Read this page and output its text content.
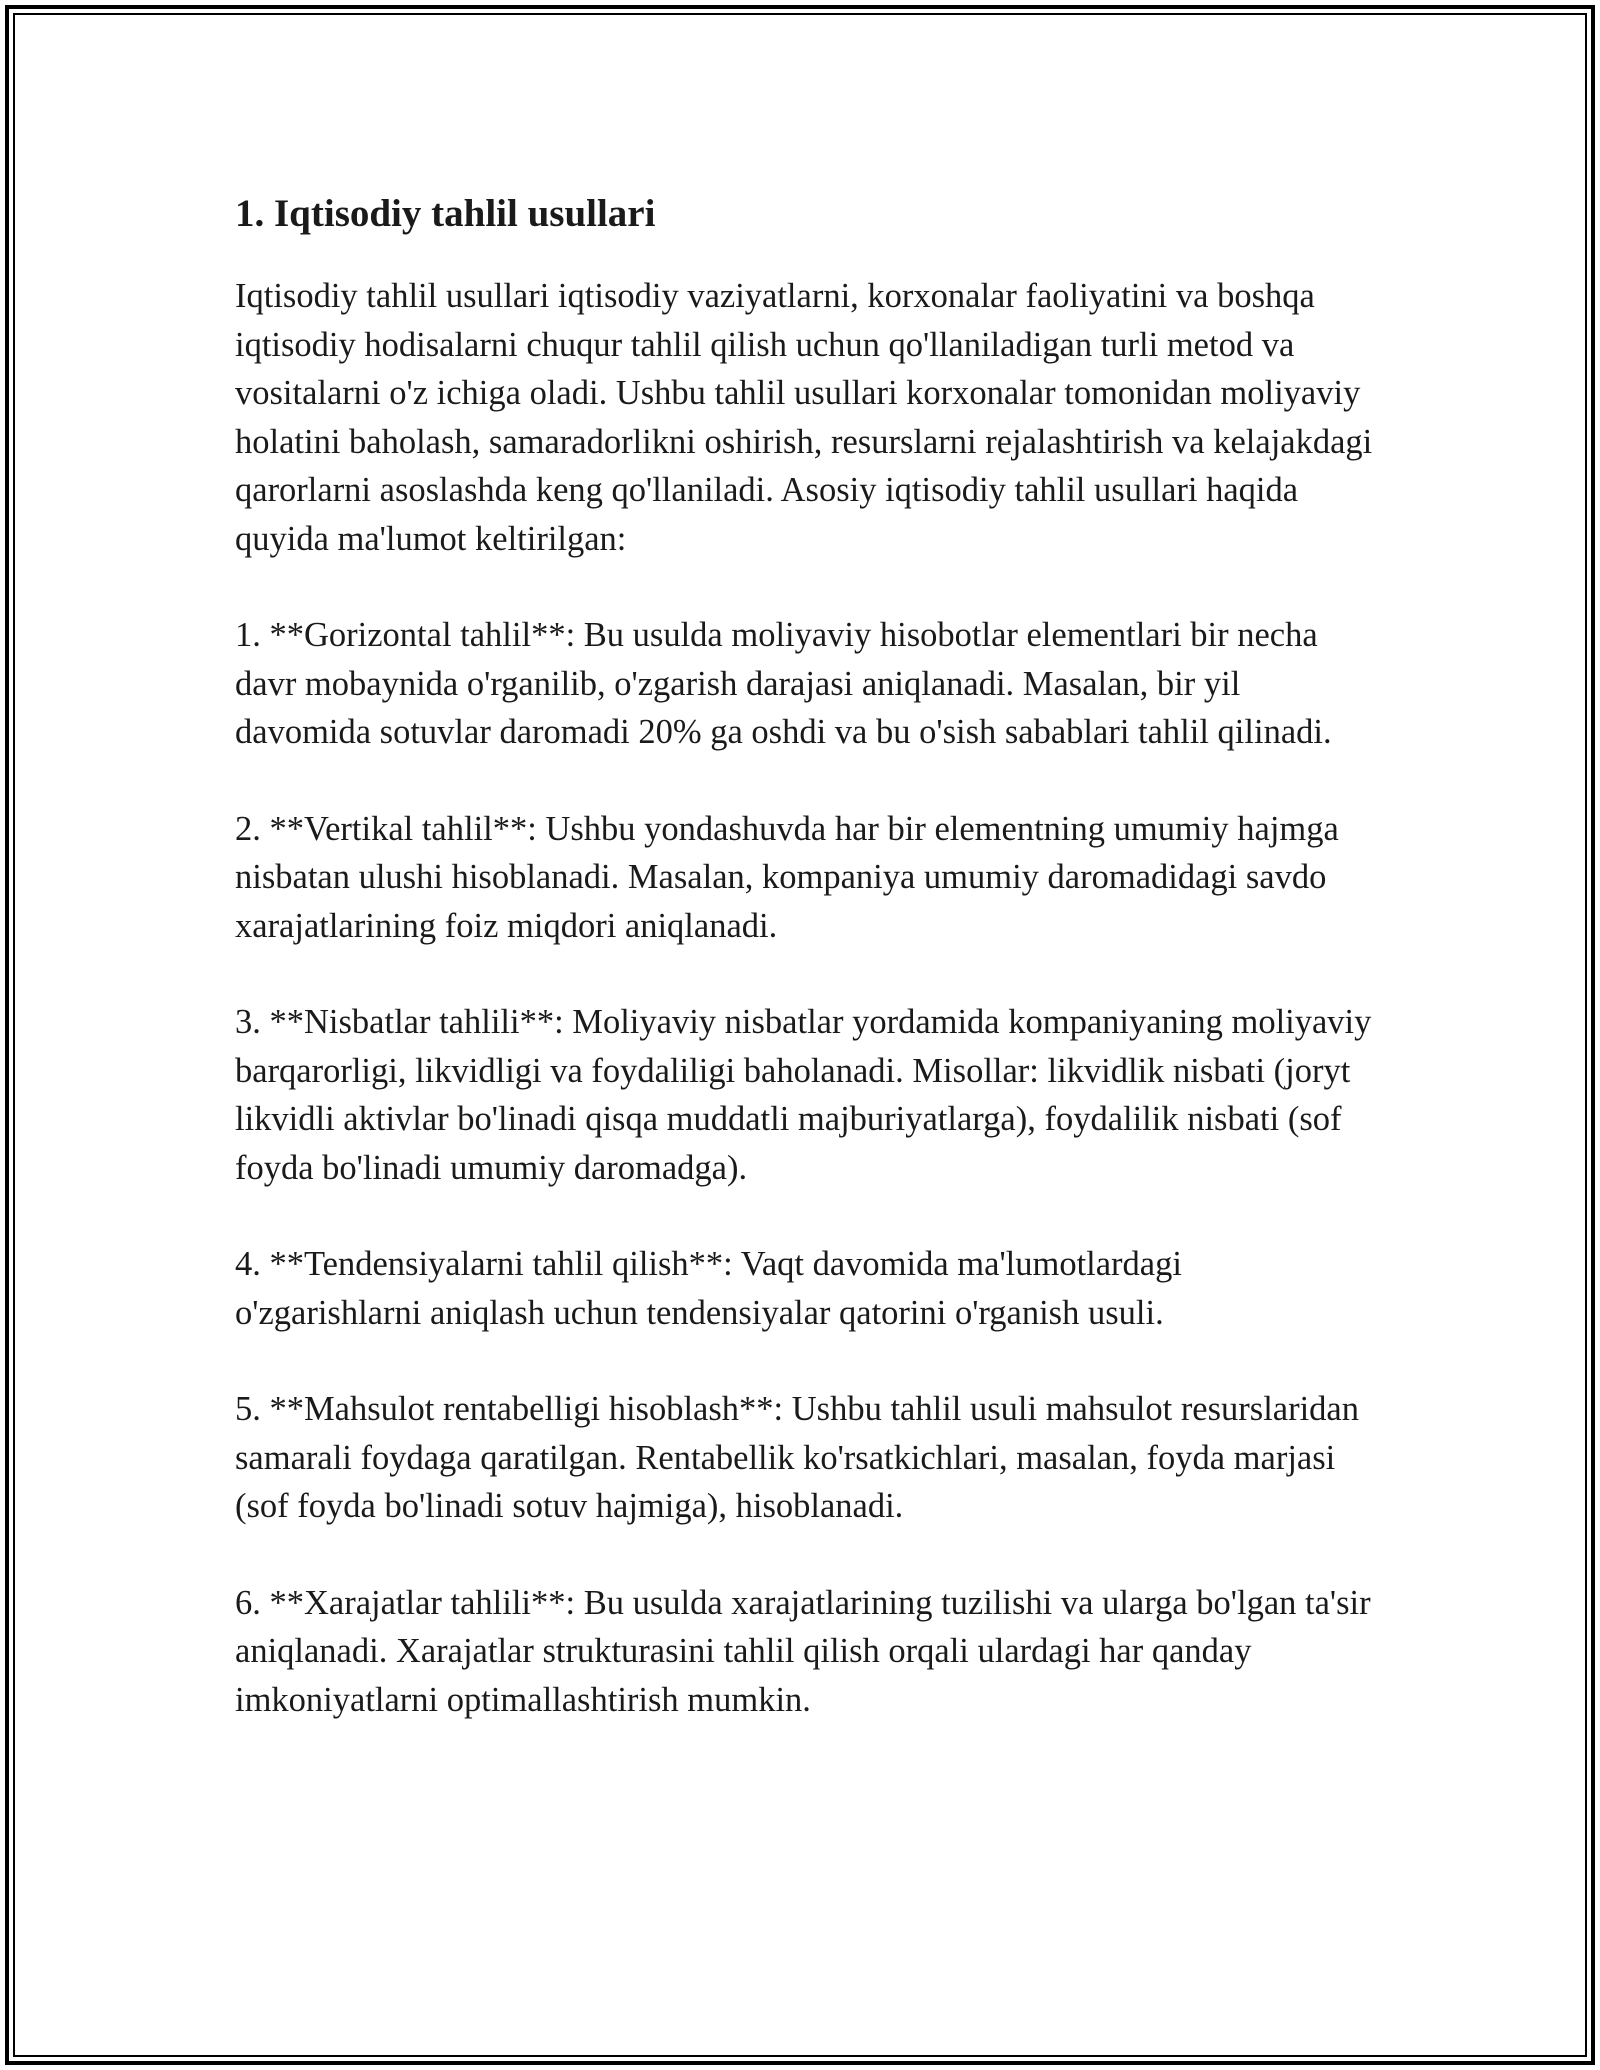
1. Iqtisodiy tahlil usullari

Iqtisodiy tahlil usullari iqtisodiy vaziyatlarni, korxonalar faoliyatini va boshqa iqtisodiy hodisalarni chuqur tahlil qilish uchun qo'llaniladigan turli metod va vositalarni o'z ichiga oladi. Ushbu tahlil usullari korxonalar tomonidan moliyaviy holatini baholash, samaradorlikni oshirish, resurslarni rejalashtirish va kelajakdagi qarorlarni asoslashda keng qo'llaniladi. Asosiy iqtisodiy tahlil usullari haqida quyida ma'lumot keltirilgan:

1. **Gorizontal tahlil**: Bu usulda moliyaviy hisobotlar elementlari bir necha davr mobaynida o'rganilib, o'zgarish darajasi aniqlanadi. Masalan, bir yil davomida sotuvlar daromadi 20% ga oshdi va bu o'sish sabablari tahlil qilinadi.

2. **Vertikal tahlil**: Ushbu yondashuvda har bir elementning umumiy hajmga nisbatan ulushi hisoblanadi. Masalan, kompaniya umumiy daromadidagi savdo xarajatlarining foiz miqdori aniqlanadi.

3. **Nisbatlar tahlili**: Moliyaviy nisbatlar yordamida kompaniyaning moliyaviy barqarorligi, likvidligi va foydaliligi baholanadi. Misollar: likvidlik nisbati (joryt likvidli aktivlar bo'linadi qisqa muddatli majburiyatlarga), foydalilik nisbati (sof foyda bo'linadi umumiy daromadga).

4. **Tendensiyalarni tahlil qilish**: Vaqt davomida ma'lumotlardagi o'zgarishlarni aniqlash uchun tendensiyalar qatorini o'rganish usuli.

5. **Mahsulot rentabelligi hisoblash**: Ushbu tahlil usuli mahsulot resurslaridan samarali foydaga qaratilgan. Rentabellik ko'rsatkichlari, masalan, foyda marjasi (sof foyda bo'linadi sotuv hajmiga), hisoblanadi.

6. **Xarajatlar tahlili**: Bu usulda xarajatlarining tuzilishi va ularga bo'lgan ta'sir aniqlanadi. Xarajatlar strukturasini tahlil qilish orqali ulardagi har qanday imkoniyatlarni optimallashtirish mumkin.
